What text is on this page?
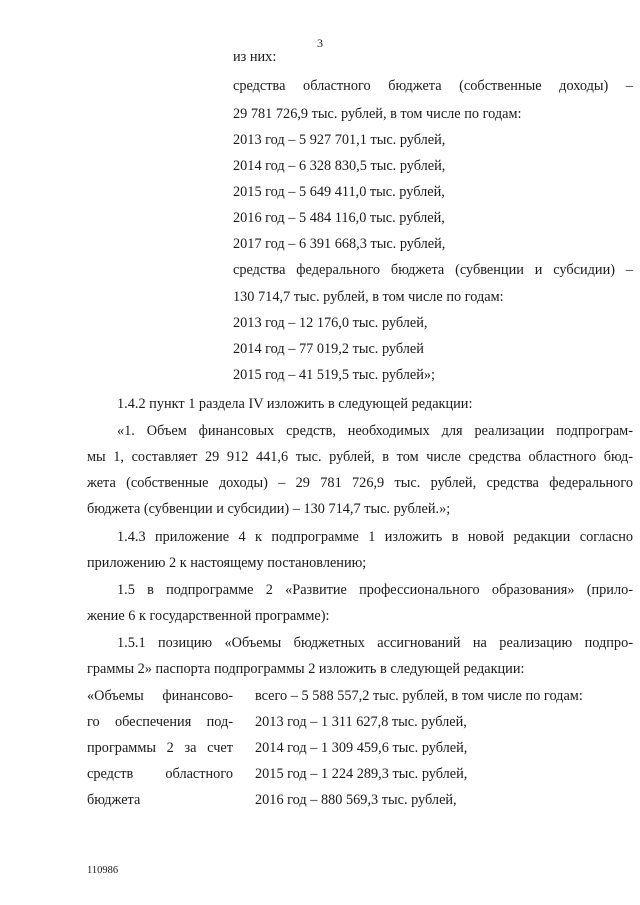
3
из них:
средства областного бюджета (собственные доходы) –
29 781 726,9 тыс. рублей, в том числе по годам:
2013 год – 5 927 701,1 тыс. рублей,
2014 год – 6 328 830,5 тыс. рублей,
2015 год – 5 649 411,0 тыс. рублей,
2016 год – 5 484 116,0 тыс. рублей,
2017 год – 6 391 668,3 тыс. рублей,
средства федерального бюджета (субвенции и субсидии) –
130 714,7 тыс. рублей, в том числе по годам:
2013 год – 12 176,0 тыс. рублей,
2014 год – 77 019,2 тыс. рублей
2015 год – 41 519,5 тыс. рублей»;
1.4.2 пункт 1 раздела IV изложить в следующей редакции:
«1. Объем финансовых средств, необходимых для реализации подпрограм-
мы 1, составляет 29 912 441,6 тыс. рублей, в том числе средства областного бюд-
жета (собственные доходы) – 29 781 726,9 тыс. рублей, средства федерального
бюджета (субвенции и субсидии) – 130 714,7 тыс. рублей.»;
1.4.3 приложение 4 к подпрограмме 1 изложить в новой редакции согласно
приложению 2 к настоящему постановлению;
1.5 в подпрограмме 2 «Развитие профессионального образования» (прило-
жение 6 к государственной программе):
1.5.1 позицию «Объемы бюджетных ассигнований на реализацию подпро-
граммы 2» паспорта подпрограммы 2 изложить в следующей редакции:
«Объемы финансово-
го обеспечения под-
программы 2 за счет
средств областного
бюджета
всего – 5 588 557,2 тыс. рублей, в том числе по годам:
2013 год – 1 311 627,8 тыс. рублей,
2014 год – 1 309 459,6 тыс. рублей,
2015 год – 1 224 289,3 тыс. рублей,
2016 год – 880 569,3 тыс. рублей,
110986
